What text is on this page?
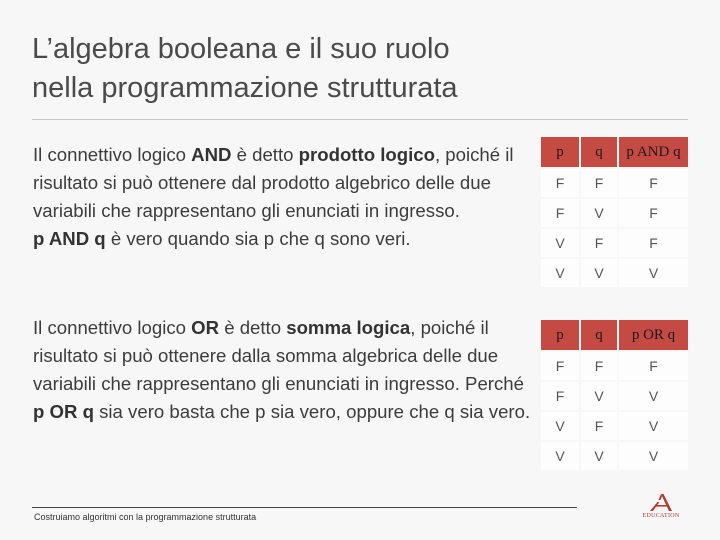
L’algebra booleana e il suo ruolo
nella programmazione strutturata

Il connettivo logico AND è detto prodotto logico, poiché il risultato si può ottenere dal prodotto algebrico delle due variabili che rappresentano gli enunciati in ingresso.
p AND q è vero quando sia p che q sono veri.

p	q	p AND q
F	F	F
F	V	F
V	F	F
V	V	V

Il connettivo logico OR è detto somma logica, poiché il risultato si può ottenere dalla somma algebrica delle due variabili che rappresentano gli enunciati in ingresso. Perché p OR q sia vero basta che p sia vero, oppure che q sia vero.

p	q	p OR q
F	F	F
F	V	V
V	F	V
V	V	V
Costruiamo algoritmi con la programmazione strutturata	EDUCATION
